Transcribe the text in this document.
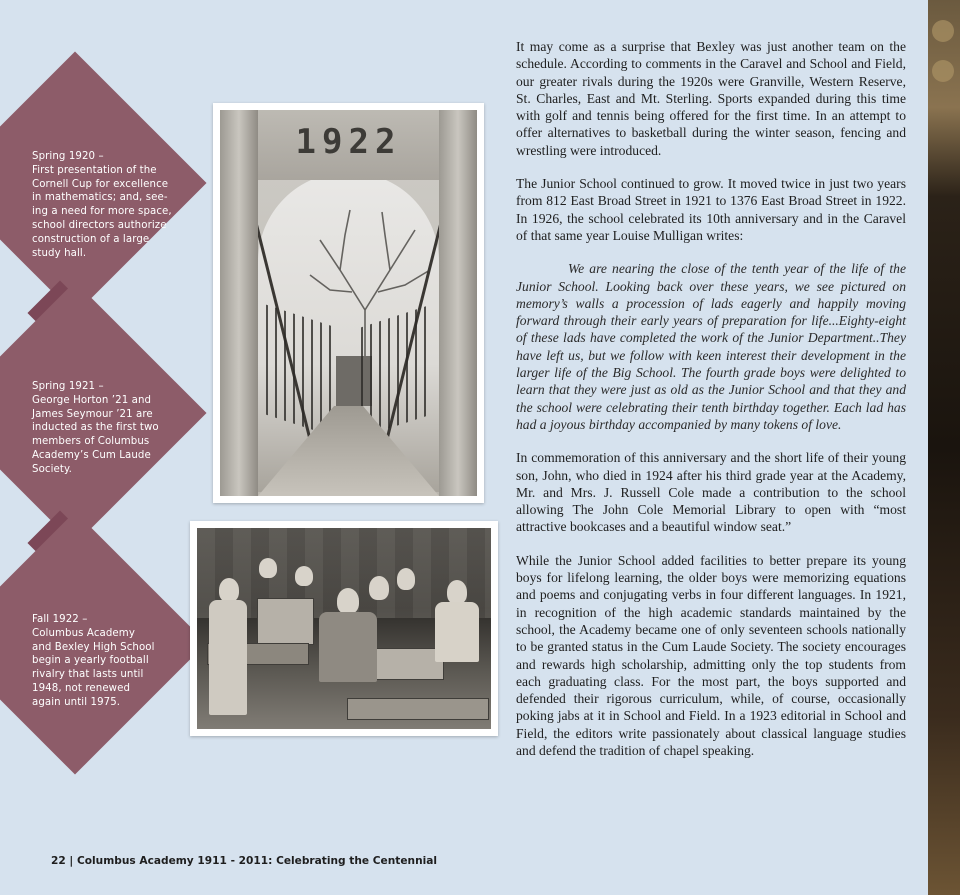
Spring 1920 –
First presentation of the
Cornell Cup for excellence
in mathematics; and, see-
ing a need for more space,
school directors authorize
construction of a large
study hall.
Spring 1921 –
George Horton ’21 and
James Seymour ’21 are
inducted as the first two
members of Columbus
Academy’s Cum Laude
Society.
Fall 1922 –
Columbus Academy
and Bexley High School
begin a yearly football
rivalry that lasts until
1948, not renewed
again until 1975.
1922

It may come as a surprise that Bexley was just another team on the schedule. According to comments in the Caravel and School and Field, our greater rivals during the 1920s were Granville, Western Reserve, St. Charles, East and Mt. Sterling. Sports expanded during this time with golf and tennis being offered for the first time. In an attempt to offer alternatives to basketball during the winter season, fencing and wrestling were introduced.

The Junior School continued to grow. It moved twice in just two years from 812 East Broad Street in 1921 to 1376 East Broad Street in 1922. In 1926, the school celebrated its 10th anniversary and in the Caravel of that same year Louise Mulligan writes:

We are nearing the close of the tenth year of the life of the Junior School. Looking back over these years, we see pictured on memory’s walls a procession of lads eagerly and happily moving forward through their early years of preparation for life...Eighty-eight of these lads have completed the work of the Junior Department..They have left us, but we follow with keen interest their development in the larger life of the Big School. The fourth grade boys were delighted to learn that they were just as old as the Junior School and that they and the school were celebrating their tenth birthday together. Each lad has had a joyous birthday accompanied by many tokens of love.

In commemoration of this anniversary and the short life of their young son, John, who died in 1924 after his third grade year at the Academy, Mr. and Mrs. J. Russell Cole made a contribution to the school allowing The John Cole Memorial Library to open with “most attractive bookcases and a beautiful window seat.”

While the Junior School added facilities to better prepare its young boys for lifelong learning, the older boys were memorizing equations and poems and conjugating verbs in four different languages. In 1921, in recognition of the high academic standards maintained by the school, the Academy became one of only seventeen schools nationally to be granted status in the Cum Laude Society. The society encourages and rewards high scholarship, admitting only the top students from each graduating class. For the most part, the boys supported and defended their rigorous curriculum, while, of course, occasionally poking jabs at it in School and Field. In a 1923 editorial in School and Field, the editors write passionately about classical language studies and defend the tradition of chapel speaking.

22 | Columbus Academy 1911 - 2011: Celebrating the Centennial
